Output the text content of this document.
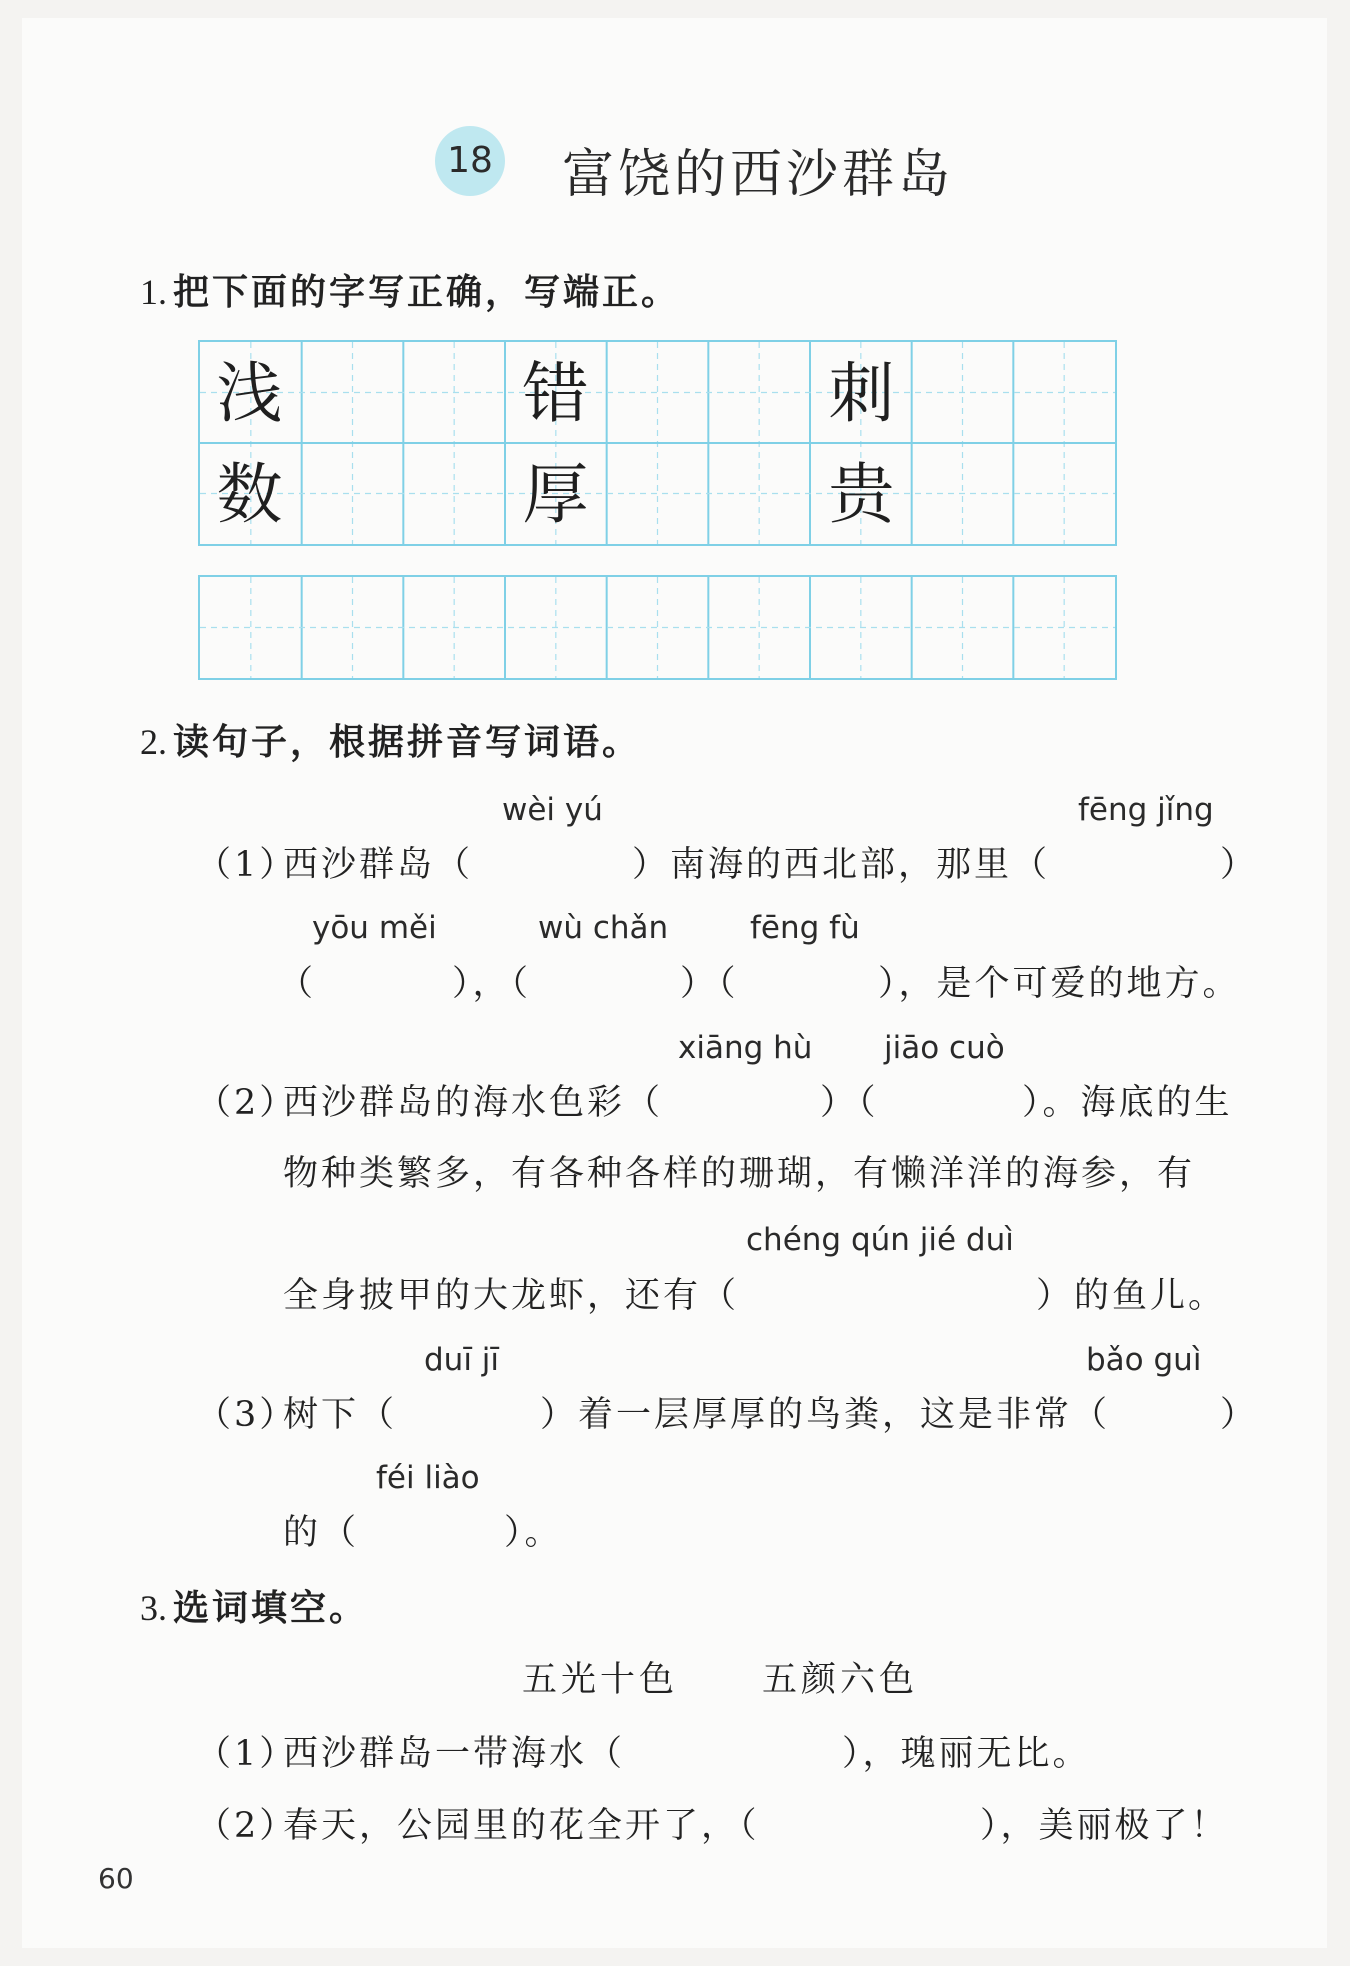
18 富饶的西沙群岛
1. 把下面的字写正确，写端正。
浅	错	刺
数	厚	贵
2. 读句子，根据拼音写词语。
wèi yú	fēng jǐng
（1）
西沙群岛（	）南海的西北部，那里（	）
yōu měi	wù chǎn	fēng fù
（	），（	）（	），是个可爱的地方。
xiāng hù jiāo cuò
（2）
西沙群岛的海水色彩（	）（	）。海底的生
物种类繁多，有各种各样的珊瑚，有懒洋洋的海参，有
chéng qún jié duì
全身披甲的大龙虾，还有（	）的鱼儿。
duī jī	bǎo guì
（3）
树下（	）着一层厚厚的鸟粪，这是非常（	）
féi liào
的（	）。
3. 选词填空。
五光十色 五颜六色
（1）
西沙群岛一带海水（	），瑰丽无比。
（2）
春天，公园里的花全开了，（	），美丽极了！
60
